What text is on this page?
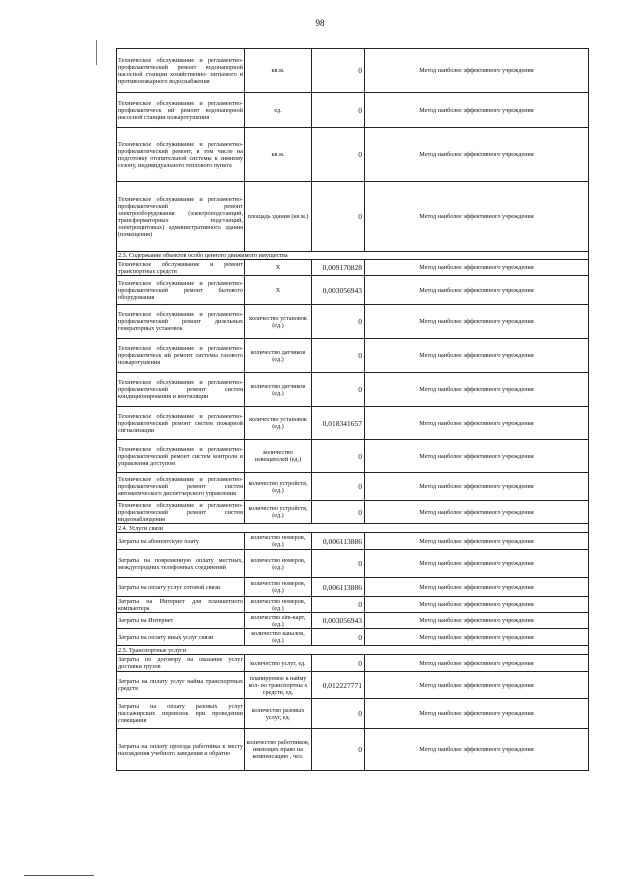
98
Техническое обслуживание и регламентно- профилактический ремонт водонапорной насосной станции хозяйственно- питьевого и противопожарного водоснабжения	кв.м.	0	Метод наиболее эффективного учреждения
Техническое обслуживание и регламентно- профилактическ ий ремонт водонапорной насосной станции пожаротушения	ед.	0	Метод наиболее эффективного учреждения
Техническое обслуживание и регламентно- профилактический ремонт, в том числе на подготовку отопительной системы к зимнему сезону, индивидуального теплового пункта	кв.м.	0	Метод наиболее эффективного учреждения
Техническое обслуживание и регламентно- профилактический ремонт электрооборудования (электроподстанций, трансформаторных подстанций, электрощитовых) административного здания (помещения)	площадь здания (кв.м.)	0	Метод наиболее эффективного учреждения
2.3. Содержание объектов особо ценного движимого имущества			
Техническое обслуживание и ремонт транспортных средств	Х	0,009170828	Метод наиболее эффективного учреждения
Техническое обслуживание и регламентно- профилактический ремонт бытового оборудования	Х	0,003056943	Метод наиболее эффективного учреждения
Техническое обслуживание и регламентно- профилактический ремонт дизельных генераторных установок	количество установок (ед.)	0	Метод наиболее эффективного учреждения
Техническое обслуживание и регламентно- профилактическ ий ремонт системы газового пожаротушения	количество датчиков (ед.)	0	Метод наиболее эффективного учреждения
Техническое обслуживание и регламентно- профилактический ремонт систем кондиционирования и вентиляции	количество датчиков (ед.)	0	Метод наиболее эффективного учреждения
Техническое обслуживание и регламентно- профилактический ремонт систем пожарной сигнализации	количество установок (ед.)	0,018341657	Метод наиболее эффективного учреждения
Техническое обслуживание и регламентно- профилактический ремонт систем контроля и управления доступом	количество извещателей (ед.)	0	Метод наиболее эффективного учреждения
Техническое обслуживание и регламентно- профилактический ремонт систем автоматического диспетчерского управления	количество устройств, (ед.)	0	Метод наиболее эффективного учреждения
Техническое обслуживание и регламентно- профилактический ремонт систем видеонаблюдения	количество устройств, (ед.)	0	Метод наиболее эффективного учреждения
2.4. Услуги связи			
Затраты на абонентскую плату	количество номеров, (ед.)	0,006113886	Метод наиболее эффективного учреждения
Затраты на повременную оплату местных, междугородних телефонных соединений	количество номеров, (ед.)	0	Метод наиболее эффективного учреждения
Затраты на оплату услуг сотовой связи	количество номеров, (ед.)	0,006113886	Метод наиболее эффективного учреждения
Затраты на Интернет для планшетного компьютера	количество номеров, (ед.)	0	Метод наиболее эффективного учреждения
Затраты на Интернет	количество sim-карт, (ед.)	0,003056943	Метод наиболее эффективного учреждения
Затраты на оплату иных услуг связи	количество каналов, (ед.)	0	Метод наиболее эффективного учреждения
2.5. Транспортные услуги			
Затраты по договору на оказание услуг доставки грузов	количество услуг, ед.	0	Метод наиболее эффективного учреждения
Затраты на оплату услуг найма транспортных средств	планируемое к найму кол- во транспортны х средств, ед.	0,012227771	Метод наиболее эффективного учреждения
Затраты на оплату разовых услуг пассажирских перевозок при проведении совещания	количество разовых услуг, ед.	0	Метод наиболее эффективного учреждения
Затраты на оплату проезда работника к месту нахождения учебного заведения и обратно	количество работников, имеющих право на компенсацию , чел.	0	Метод наиболее эффективного учреждения
